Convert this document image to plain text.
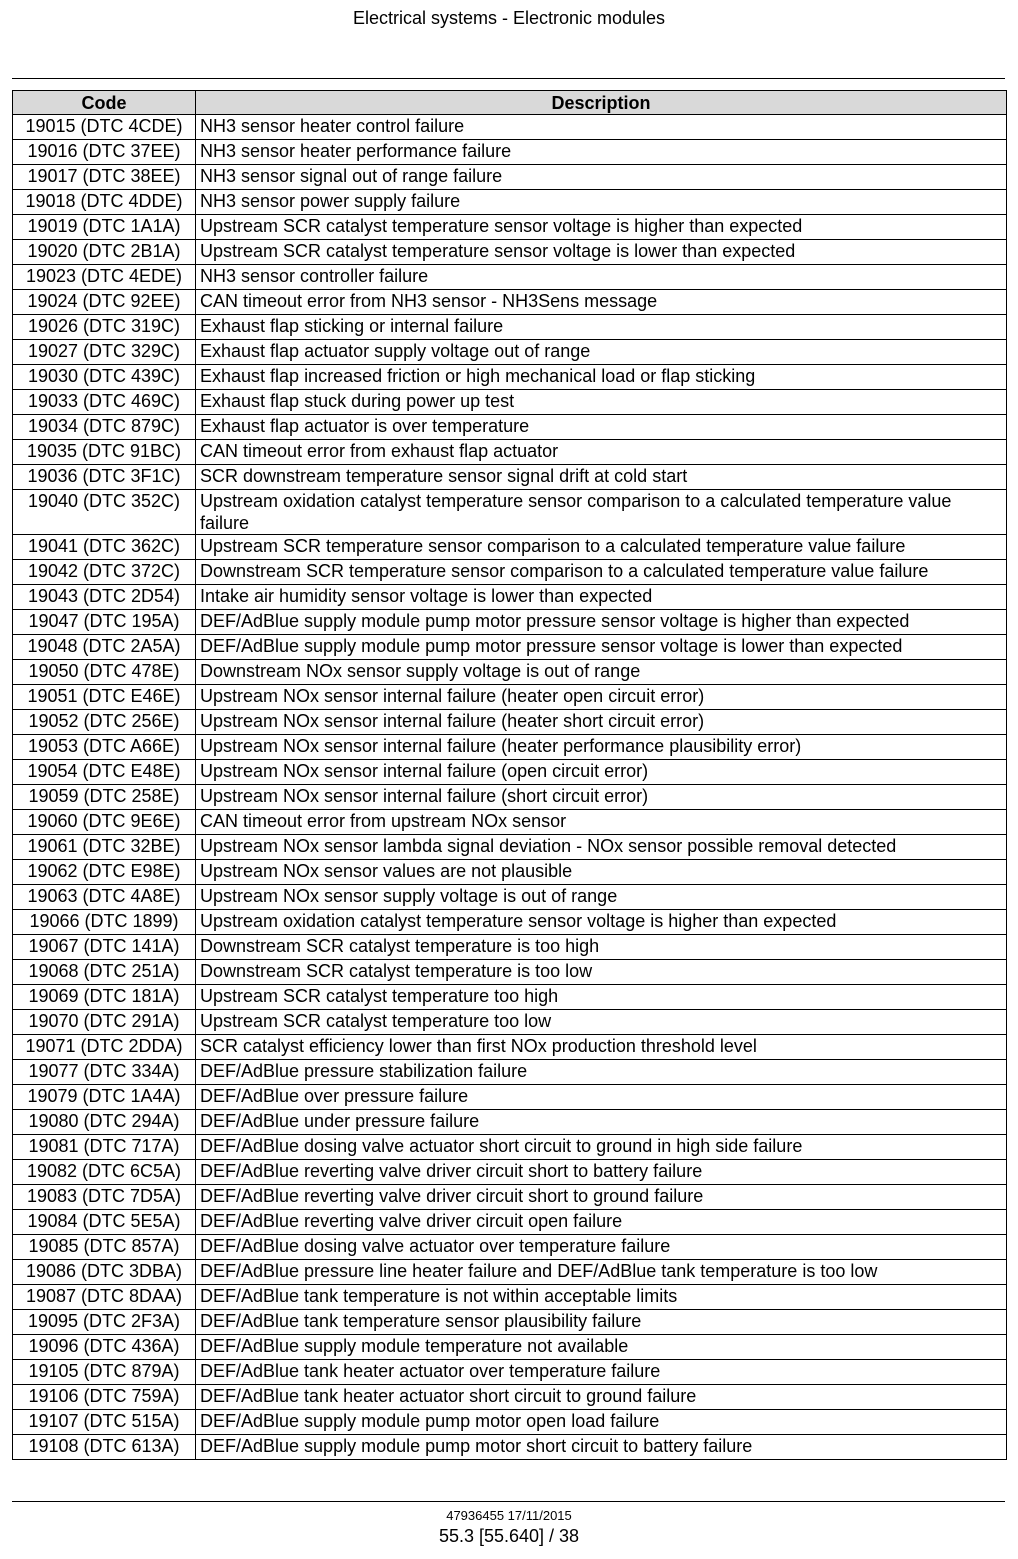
Electrical systems - Electronic modules
Code	Description
19015 (DTC 4CDE)	NH3 sensor heater control failure
19016 (DTC 37EE)	NH3 sensor heater performance failure
19017 (DTC 38EE)	NH3 sensor signal out of range failure
19018 (DTC 4DDE)	NH3 sensor power supply failure
19019 (DTC 1A1A)	Upstream SCR catalyst temperature sensor voltage is higher than expected
19020 (DTC 2B1A)	Upstream SCR catalyst temperature sensor voltage is lower than expected
19023 (DTC 4EDE)	NH3 sensor controller failure
19024 (DTC 92EE)	CAN timeout error from NH3 sensor - NH3Sens message
19026 (DTC 319C)	Exhaust flap sticking or internal failure
19027 (DTC 329C)	Exhaust flap actuator supply voltage out of range
19030 (DTC 439C)	Exhaust flap increased friction or high mechanical load or flap sticking
19033 (DTC 469C)	Exhaust flap stuck during power up test
19034 (DTC 879C)	Exhaust flap actuator is over temperature
19035 (DTC 91BC)	CAN timeout error from exhaust flap actuator
19036 (DTC 3F1C)	SCR downstream temperature sensor signal drift at cold start
19040 (DTC 352C)	Upstream oxidation catalyst temperature sensor comparison to a calculated temperature value failure
19041 (DTC 362C)	Upstream SCR temperature sensor comparison to a calculated temperature value failure
19042 (DTC 372C)	Downstream SCR temperature sensor comparison to a calculated temperature value failure
19043 (DTC 2D54)	Intake air humidity sensor voltage is lower than expected
19047 (DTC 195A)	DEF/AdBlue supply module pump motor pressure sensor voltage is higher than expected
19048 (DTC 2A5A)	DEF/AdBlue supply module pump motor pressure sensor voltage is lower than expected
19050 (DTC 478E)	Downstream NOx sensor supply voltage is out of range
19051 (DTC E46E)	Upstream NOx sensor internal failure (heater open circuit error)
19052 (DTC 256E)	Upstream NOx sensor internal failure (heater short circuit error)
19053 (DTC A66E)	Upstream NOx sensor internal failure (heater performance plausibility error)
19054 (DTC E48E)	Upstream NOx sensor internal failure (open circuit error)
19059 (DTC 258E)	Upstream NOx sensor internal failure (short circuit error)
19060 (DTC 9E6E)	CAN timeout error from upstream NOx sensor
19061 (DTC 32BE)	Upstream NOx sensor lambda signal deviation - NOx sensor possible removal detected
19062 (DTC E98E)	Upstream NOx sensor values are not plausible
19063 (DTC 4A8E)	Upstream NOx sensor supply voltage is out of range
19066 (DTC 1899)	Upstream oxidation catalyst temperature sensor voltage is higher than expected
19067 (DTC 141A)	Downstream SCR catalyst temperature is too high
19068 (DTC 251A)	Downstream SCR catalyst temperature is too low
19069 (DTC 181A)	Upstream SCR catalyst temperature too high
19070 (DTC 291A)	Upstream SCR catalyst temperature too low
19071 (DTC 2DDA)	SCR catalyst efficiency lower than first NOx production threshold level
19077 (DTC 334A)	DEF/AdBlue pressure stabilization failure
19079 (DTC 1A4A)	DEF/AdBlue over pressure failure
19080 (DTC 294A)	DEF/AdBlue under pressure failure
19081 (DTC 717A)	DEF/AdBlue dosing valve actuator short circuit to ground in high side failure
19082 (DTC 6C5A)	DEF/AdBlue reverting valve driver circuit short to battery failure
19083 (DTC 7D5A)	DEF/AdBlue reverting valve driver circuit short to ground failure
19084 (DTC 5E5A)	DEF/AdBlue reverting valve driver circuit open failure
19085 (DTC 857A)	DEF/AdBlue dosing valve actuator over temperature failure
19086 (DTC 3DBA)	DEF/AdBlue pressure line heater failure and DEF/AdBlue tank temperature is too low
19087 (DTC 8DAA)	DEF/AdBlue tank temperature is not within acceptable limits
19095 (DTC 2F3A)	DEF/AdBlue tank temperature sensor plausibility failure
19096 (DTC 436A)	DEF/AdBlue supply module temperature not available
19105 (DTC 879A)	DEF/AdBlue tank heater actuator over temperature failure
19106 (DTC 759A)	DEF/AdBlue tank heater actuator short circuit to ground failure
19107 (DTC 515A)	DEF/AdBlue supply module pump motor open load failure
19108 (DTC 613A)	DEF/AdBlue supply module pump motor short circuit to battery failure
47936455 17/11/2015
55.3 [55.640] / 38
